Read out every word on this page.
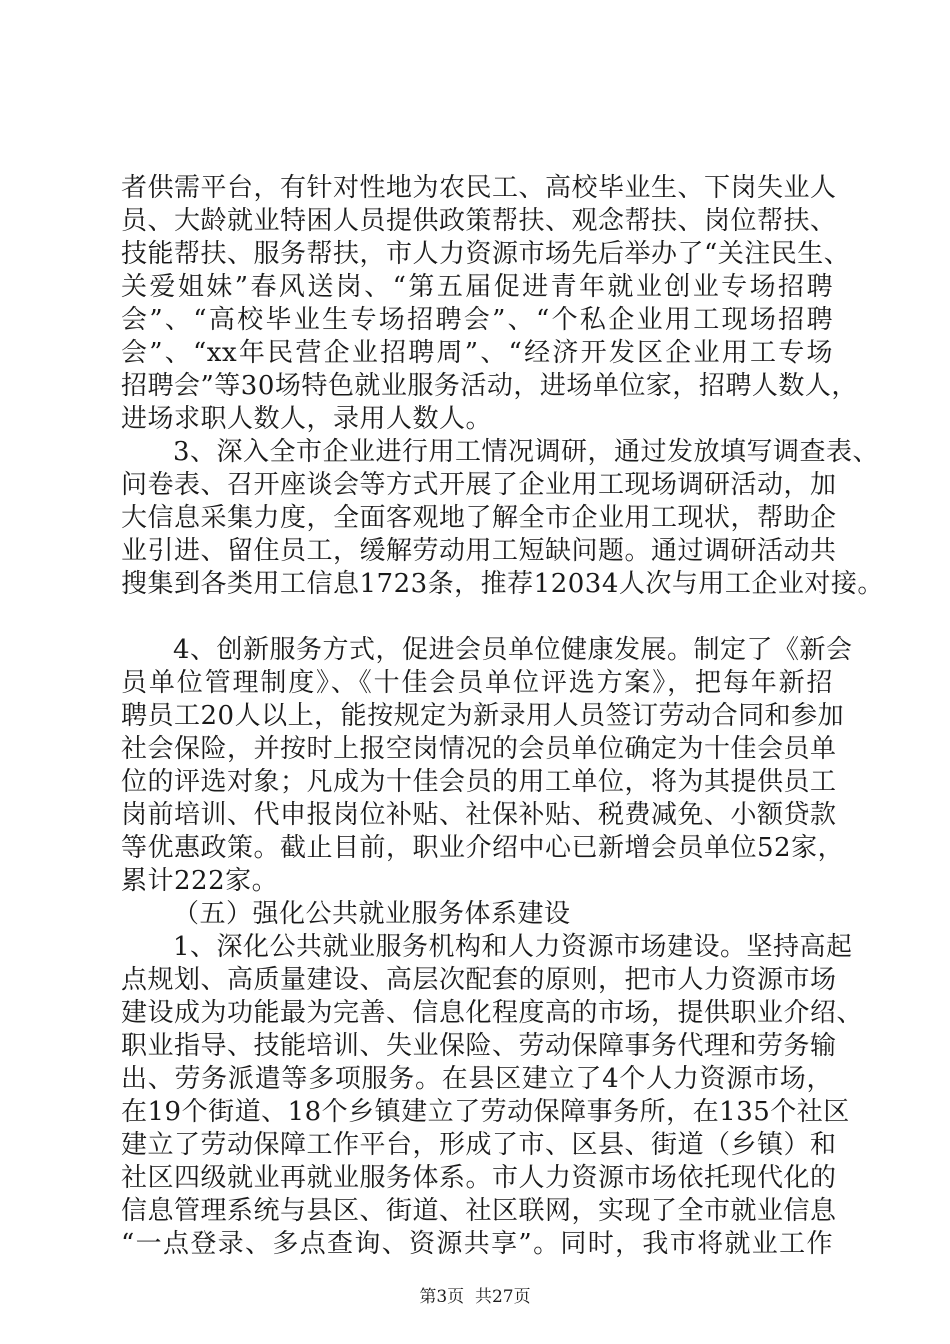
者供需平台，有针对性地为农民工、高校毕业生、下岗失业人
员、大龄就业特困人员提供政策帮扶、观念帮扶、岗位帮扶、
技能帮扶、服务帮扶，市人力资源市场先后举办了“关注民生、
关爱姐妹”春风送岗、“第五届促进青年就业创业专场招聘
会”、“高校毕业生专场招聘会”、“个私企业用工现场招聘
会”、“xx年民营企业招聘周”、“经济开发区企业用工专场
招聘会”等30场特色就业服务活动，进场单位家，招聘人数人，
进场求职人数人，录用人数人。
3、深入全市企业进行用工情况调研，通过发放填写调查表、
问卷表、召开座谈会等方式开展了企业用工现场调研活动，加
大信息采集力度，全面客观地了解全市企业用工现状，帮助企
业引进、留住员工，缓解劳动用工短缺问题。通过调研活动共
搜集到各类用工信息1723条，推荐12034人次与用工企业对接。
4、创新服务方式，促进会员单位健康发展。制定了《新会
员单位管理制度》、《十佳会员单位评选方案》，把每年新招
聘员工20人以上，能按规定为新录用人员签订劳动合同和参加
社会保险，并按时上报空岗情况的会员单位确定为十佳会员单
位的评选对象；凡成为十佳会员的用工单位，将为其提供员工
岗前培训、代申报岗位补贴、社保补贴、税费减免、小额贷款
等优惠政策。截止目前，职业介绍中心已新增会员单位52家，
累计222家。
（五）强化公共就业服务体系建设
1、深化公共就业服务机构和人力资源市场建设。坚持高起
点规划、高质量建设、高层次配套的原则，把市人力资源市场
建设成为功能最为完善、信息化程度高的市场，提供职业介绍、
职业指导、技能培训、失业保险、劳动保障事务代理和劳务输
出、劳务派遣等多项服务。在县区建立了4个人力资源市场，
在19个街道、18个乡镇建立了劳动保障事务所，在135个社区
建立了劳动保障工作平台，形成了市、区县、街道（乡镇）和
社区四级就业再就业服务体系。市人力资源市场依托现代化的
信息管理系统与县区、街道、社区联网，实现了全市就业信息
“一点登录、多点查询、资源共享”。同时，我市将就业工作
第3页  共27页
